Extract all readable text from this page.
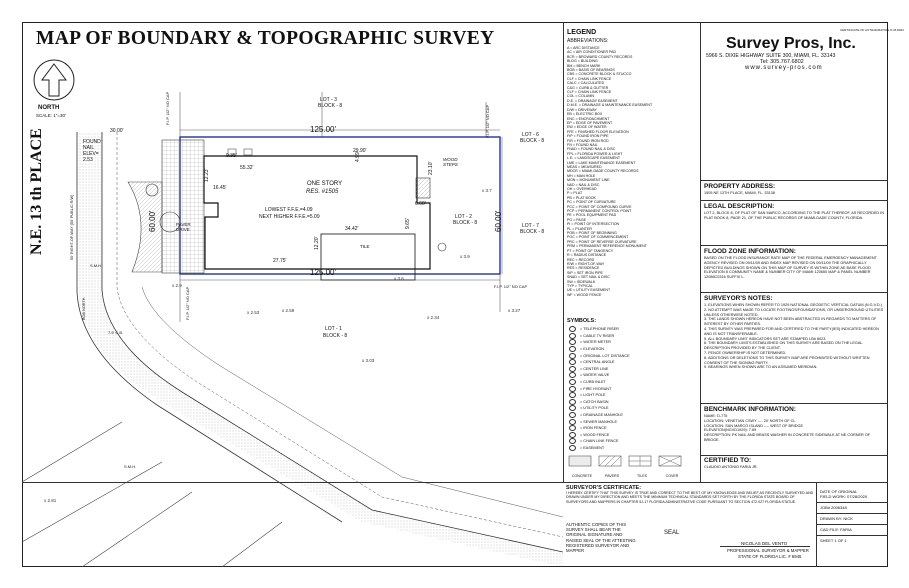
MAP OF BOUNDARY & TOPOGRAPHIC SURVEY
x 3.6
x 3.7
x 3.9
x 2.9
x 2.53	x 2.59
x 2.81
x 3.03
x 3.27
x 2.34
NORTH
SCALE: 1"=30'
N.E. 13 th PLACE	50' RIGHT-OF-WAY (50' PUBLIC R/W)
BOB NORTH
LOT - 3
BLOCK - 8
LOT - 2
BLOCK - 8
LOT - 1
BLOCK - 8
LOT - 6
BLOCK - 8
LOT - 7
BLOCK - 8
125.00'
125.00'
60.00'	60.00'
ONE STORY
RES. #1505
LOWEST F.F.E.=4.09
NEXT HIGHER F.F.E.=5.09
WOOD STEPS
TILE
PAVER DRIVE
FOUND NAIL ELEV= 2.53
F.I.P. 1/2" NO CAP
F.I.P. 1/2" NO CAP
F.I.P. 1/2" NO CAP
F.I.P. 1/2" NO CAP
55.32'
29.90'
34.42'
27.75'
16.45'
9.35'
23.10'
6.60'
12.20'
9.65'
4.99'
12.23'
30.00'
7.5' C.B.
S.M.H.
S.M.H.
LEGEND
ABBREVIATIONS:
A = ARC DISTANCE
AC = AIR CONDITIONER PAD
BCR = BROWARD COUNTY RECORDS
BLDG = BUILDING
BM = BENCH MARK
BOB = BASIS OF BEARINGS
CBS = CONCRETE BLOCK & STUCCO
CLF = CHAIN LINK FENCE
CALC = CALCULATED
C&G = CURB & GUTTER
CLF = CHAIN LINK FENCE
COL = COLUMN
D.E. = DRAINAGE EASEMENT
D.M.E. = DRAINAGE & MAINTENANCE EASEMENT
D/W = DRIVEWAY
EB = ELECTRIC BOX
ENC = ENCROACHMENT
EP = EDGE OF PAVEMENT
EW = EDGE OF WATER
FFE = FINISHED FLOOR ELEVATION
FIP = FOUND IRON PIPE
FIR = FOUND IRON ROD
FN = FOUND NAIL
FN&D = FOUND NAIL & DISC
FPL = FLORIDA POWER & LIGHT
L.E. = LANDSCAPE EASEMENT
LME = LAKE MAINTENANCE EASEMENT
MEAS = MEASURED
MDCR = MIAMI-DADE COUNTY RECORDS
MH = MAN HOLE
MON = MONUMENT LINE
N&D = NAIL & DISC
OH = OVERHEAD
P = PLAT
PB = PLAT BOOK
PC = POINT OF CURVATURE
PCC = POINT OF COMPOUND CURVE
PCP = PERMANENT CONTROL POINT
PE = POOL EQUIPMENT PAD
PG = PAGE
PI = POINT OF INTERSECTION
PL = PLANTER
POB = POINT OF BEGINNING
POC = POINT OF COMMENCEMENT
PRC = POINT OF REVERSE CURVATURE
PRM = PERMANENT REFERENCE MONUMENT
PT = POINT OF TANGENCY
R = RADIUS DISTANCE
REC = RECORD
R/W = RIGHT-OF-WAY
RES = RESIDENCE
SIP = SET IRON PIPE
SN&D = SET NAIL & DISC
SW = SIDEWALK
TYP = TYPICAL
UE = UTILITY EASEMENT
WF = WOOD FENCE
SYMBOLS:
= TELEPHONE RISER
= CABLE TV RISER
= WATER METER
= ELEVATION
= ORIGINAL LOT DISTANCE
= CENTRAL ANGLE
= CENTER LINE
= WATER VALVE
= CURB INLET
= FIRE HYDRANT
= LIGHT POLE
= CATCH BASIN
= UTILITY POLE
= DRAINAGE MANHOLE
= SEWER MANHOLE
= IRON FENCE
= WOOD FENCE
= CHAIN LINK FENCE
= EASEMENT
CONCRETE	PAVERS	TILES	COVER
CERTIFICATE OF AUTHORIZATION # LB 8023
Survey Pros, Inc.
5966 S. DIXIE HIGHWAY SUITE 300, MIAMI, FL. 33143
Tel: 305.767.6802
www.survey-pros.com
PROPERTY ADDRESS:
1505 NE 13TH PLACE, MIAMI, FL. 33138
LEGAL DESCRIPTION:
LOT 2, BLOCK 8, OF PLAT OF SAN MARCO, ACCORDING TO THE PLAT THEREOF, AS RECORDED IN PLAT BOOK 8, PAGE 21, OF THE PUBLIC RECORDS OF MIAMI-DADE COUNTY, FLORIDA.
FLOOD ZONE INFORMATION:
BASED ON THE FLOOD INSURANCE RATE MAP OF THE FEDERAL EMERGENCY MANAGEMENT AGENCY REVISED ON 09/11/09 AND INDEX MAP REVISED ON 09/11/09 THE GRAPHICALLY DEPICTED BUILDINGS SHOWN ON THIS MAP OF SURVEY IS WITHIN ZONE AE BASE FLOOD ELEVATION 8 COMMUNITY NAME & NUMBER CITY OF MIAMI 120650 MAP & PANEL NUMBER 12086C0316 SUFFIX L.
SURVEYOR'S NOTES:
1. ELEVATIONS WHEN SHOWN REFER TO 1929 NATIONAL GEODETIC VERTICAL DATUM (N.G.V.D.)
2. NO ATTEMPT WAS MADE TO LOCATE FOOTINGS/FOUNDATIONS, OR UNDERGROUND UTILITIES UNLESS OTHERWISE NOTED.
3. THE LANDS SHOWN HEREON HAVE NOT BEEN ABSTRACTED IN REGARDS TO MATTERS OF INTEREST BY OTHER PARTIES.
4. THIS SURVEY WAS PREPARED FOR AND CERTIFIED TO THE PARTY(IES) INDICATED HEREON AND IS NOT TRANSFERABLE.
5. ALL BOUNDARY LIMIT INDICATORS SET ARE STAMPED LB# 8023.
6. THE BOUNDARY LIMITS ESTABLISHED ON THIS SURVEY ARE BASED ON THE LEGAL DESCRIPTION PROVIDED BY THE CLIENT.
7. FENCE OWNERSHIP IS NOT DETERMINED.
8. ADDITIONS OR DELETIONS TO THIS SURVEY MAP ARE PROHIBITED WITHOUT WRITTEN CONSENT OF THE SIGNING PARTY.
9. BEARINGS WHEN SHOWN ARE TO AN ASSUMED MERIDIAN.
BENCHMARK INFORMATION:
NAME: D-775
LOCATION: VENETIAN CSWY ---- 20' NORTH OF CL
LOCATION: SAN MARCO ISLAND ---- WEST OF BRIDGE
ELEVATION(NGVD1929): 7.69
DESCRIPTION: PK NAIL AND BRASS WASHER IN CONCRETE SIDEWALK AT NE CORNER OF BRIDGE.
CERTIFIED TO:
CLAUDIO ANTONIO FARIA JR.
SURVEYOR'S CERTIFICATE:
I HEREBY CERTIFY THAT THIS SURVEY IS TRUE AND CORRECT TO THE BEST OF MY KNOWLEDGE AND BELIEF AS RECENTLY SURVEYED AND DRAWN UNDER MY DIRECTION AND MEETS THE MINIMUM TECHNICAL STANDARDS SET FORTH BY THE FLORIDA STATE BOARD OF SURVEYORS AND MAPPERS IN CHAPTER 5J-17 FLORIDA ADMINISTRATIVE CODE PURSUANT TO SECTION 472.027 FLORIDA STATUE.
AUTHENTIC COPIES OF THIS SURVEY SHALL BEAR THE ORIGINAL SIGNATURE AND RAISED SEAL OF THE ATTESTING REGISTERED SURVEYOR AND MAPPER
SEAL
NICOLAS DEL VENTO
PROFESSIONAL SURVEYOR & MAPPER
STATE OF FLORIDA LIC. # 6945
DATE OF ORIGINAL
FIELD WORK: 07/28/2020
JOB# 2006348
DRAWN BY: NICK
CAD FILE: FARIA
SHEET 1 OF 1
